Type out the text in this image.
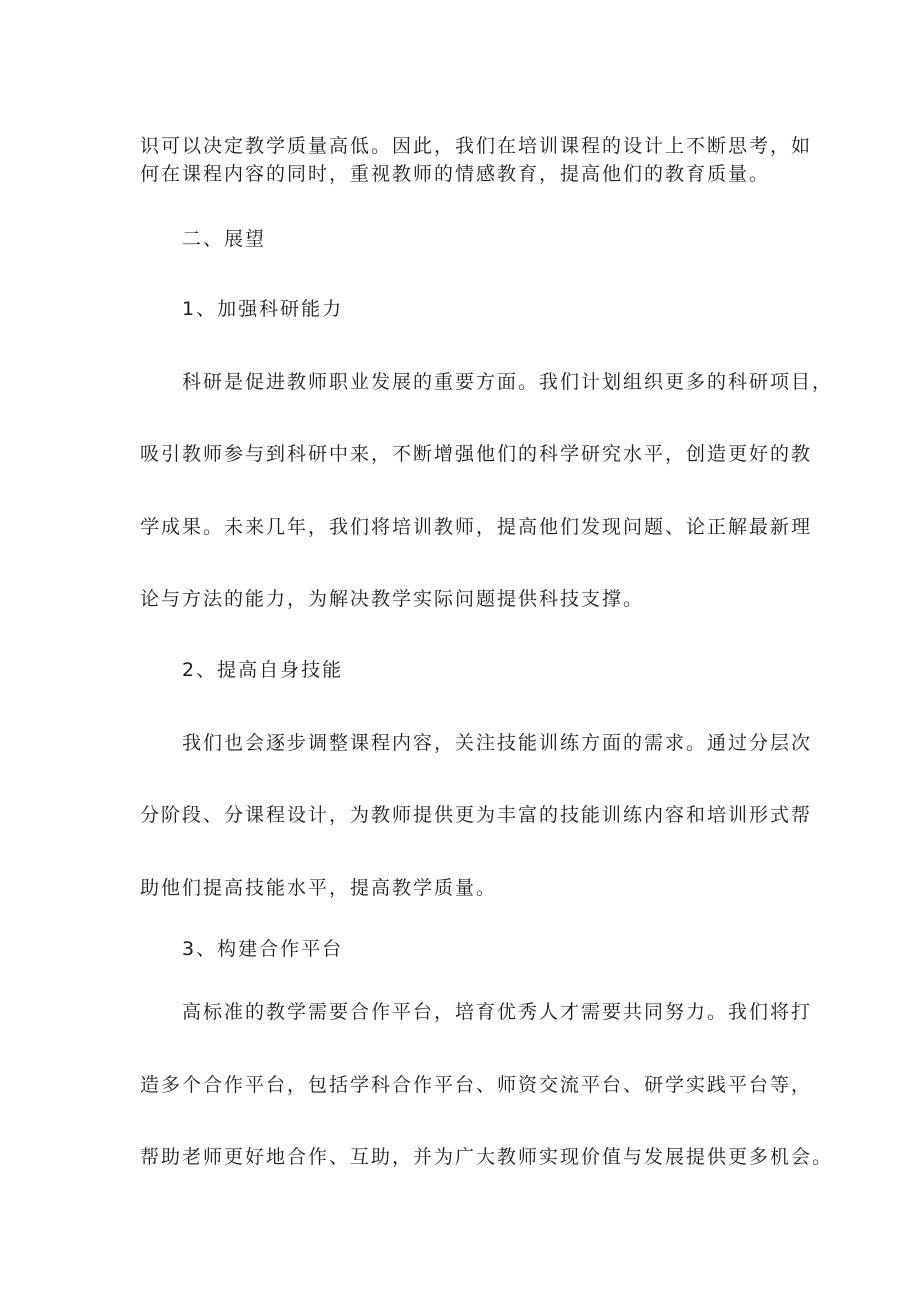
识可以决定教学质量高低。因此，我们在培训课程的设计上不断思考，如
何在课程内容的同时，重视教师的情感教育，提高他们的教育质量。
二、展望
1、加强科研能力
科研是促进教师职业发展的重要方面。我们计划组织更多的科研项目，
吸引教师参与到科研中来，不断增强他们的科学研究水平，创造更好的教
学成果。未来几年，我们将培训教师，提高他们发现问题、论正解最新理
论与方法的能力，为解决教学实际问题提供科技支撑。
2、提高自身技能
我们也会逐步调整课程内容，关注技能训练方面的需求。通过分层次
分阶段、分课程设计，为教师提供更为丰富的技能训练内容和培训形式帮
助他们提高技能水平，提高教学质量。
3、构建合作平台
高标准的教学需要合作平台，培育优秀人才需要共同努力。我们将打
造多个合作平台，包括学科合作平台、师资交流平台、研学实践平台等，
帮助老师更好地合作、互助，并为广大教师实现价值与发展提供更多机会。
